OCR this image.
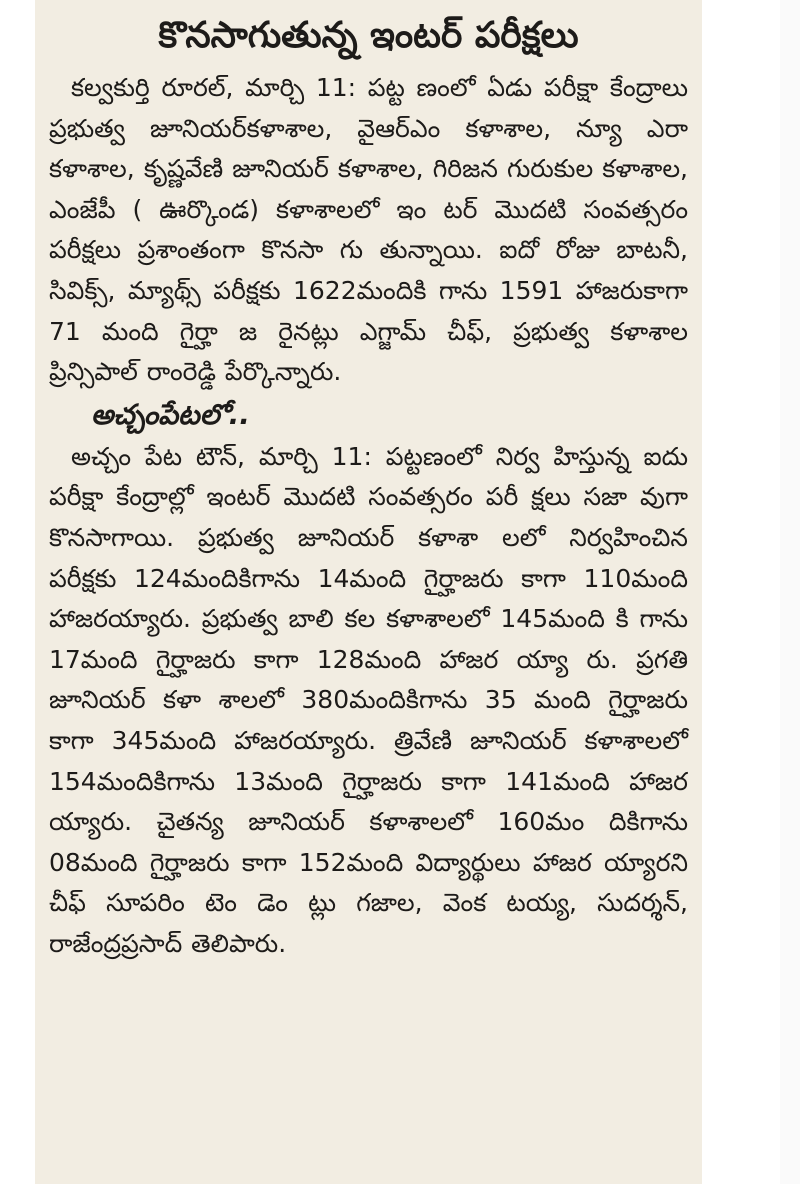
కొనసాగుతున్న ఇంటర్ పరీక్షలు

కల్వకుర్తి రూరల్, మార్చి 11: పట్ట ణంలో ఏడు పరీక్షా కేంద్రాలు ప్రభుత్వ జూనియర్‌కళాశాల, వైఆర్ఎం కళాశాల, న్యూ ఎరా కళాశాల, కృష్ణవేణి జూనియర్ కళాశాల, గిరిజన గురుకుల కళాశాల, ఎంజేపీ ( ఊర్కొండ) కళాశాలలో ఇం టర్ మొదటి సంవత్సరం పరీక్షలు ప్రశాంతంగా కొనసా గు తున్నాయి. ఐదో రోజు బాటనీ, సివిక్స్, మ్యాథ్స్ పరీక్షకు 1622మందికి గాను 1591 హాజరుకాగా 71 మంది గైర్హా జ రైనట్లు ఎగ్జామ్ చీఫ్, ప్రభుత్వ కళాశాల ప్రిన్సిపాల్ రాంరెడ్డి పేర్కొన్నారు.

అచ్చంపేటలో..

అచ్చం పేట టౌన్, మార్చి 11: పట్టణంలో నిర్వ హిస్తున్న ఐదు పరీక్షా కేంద్రాల్లో ఇంటర్ మొదటి సంవత్సరం పరీ క్షలు సజా వుగా కొనసాగాయి. ప్రభుత్వ జూనియర్ కళాశా లలో నిర్వహించిన పరీక్షకు 124మందికిగాను 14మంది గైర్హాజరు కాగా 110మంది హాజరయ్యారు. ప్రభుత్వ బాలి కల కళాశాలలో 145మంది కి గాను 17మంది గైర్హాజరు కాగా 128మంది హాజర య్యా రు. ప్రగతి జూనియర్ కళా శాలలో 380మందికిగాను 35 మంది గైర్హాజరు కాగా 345మంది హాజరయ్యారు. త్రివేణి జూనియర్ కళాశాలలో 154మందికిగాను 13మంది గైర్హాజరు కాగా 141మంది హాజర య్యారు. చైతన్య జూనియర్ కళాశాలలో 160మం దికిగాను 08మంది గైర్హాజరు కాగా 152మంది విద్యార్థులు హాజర య్యారని చీఫ్ సూపరిం టెం డెం ట్లు గజాల, వెంక టయ్య, సుదర్శన్, రాజేంద్రప్రసాద్ తెలిపారు.
